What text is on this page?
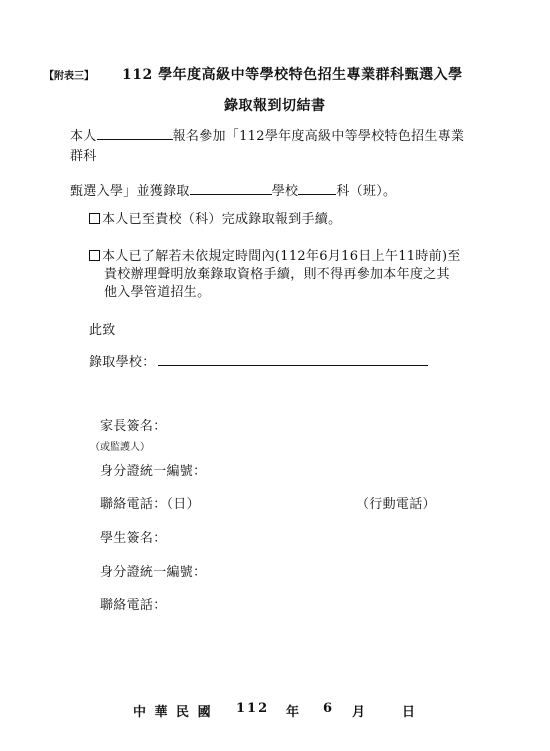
【附表三】 112 學年度高級中等學校特色招生專業群科甄選入學
錄取報到切結書
本人	報名參加「112學年度高級中等學校特色招生專業
群科
甄選入學」並獲錄取	學校	科（班）。
本人已至貴校（科）完成錄取報到手續。
本人已了解若未依規定時間內(112年6月16日上午11時前)至
貴校辦理聲明放棄錄取資格手續，則不得再參加本年度之其
他入學管道招生。
此致
錄取學校：
家長簽名：
（或監護人）
身分證統一編號：
聯絡電話：（日）	（行動電話）
學生簽名：
身分證統一編號：
聯絡電話：
中 華 民 國 112 年 6 月	日
